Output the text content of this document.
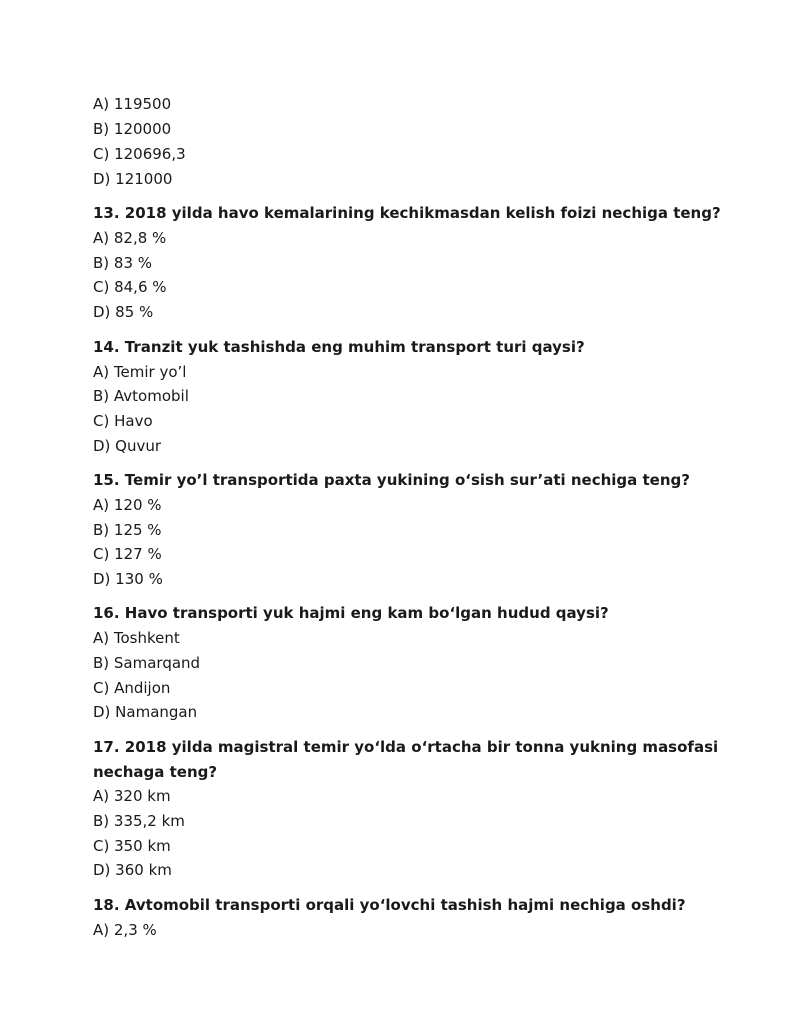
A) 119500
B) 120000
C) 120696,3
D) 121000
13. 2018 yilda havo kemalarining kechikmasdan kelish foizi nechiga teng?
A) 82,8 %
B) 83 %
C) 84,6 %
D) 85 %
14. Tranzit yuk tashishda eng muhim transport turi qaysi?
A) Temir yo’l
B) Avtomobil
C) Havo
D) Quvur
15. Temir yo’l transportida paxta yukining o‘sish sur’ati nechiga teng?
A) 120 %
B) 125 %
C) 127 %
D) 130 %
16. Havo transporti yuk hajmi eng kam bo‘lgan hudud qaysi?
A) Toshkent
B) Samarqand
C) Andijon
D) Namangan
17. 2018 yilda magistral temir yo‘lda o‘rtacha bir tonna yukning masofasi
nechaga teng?
A) 320 km
B) 335,2 km
C) 350 km
D) 360 km
18. Avtomobil transporti orqali yo‘lovchi tashish hajmi nechiga oshdi?
A) 2,3 %
